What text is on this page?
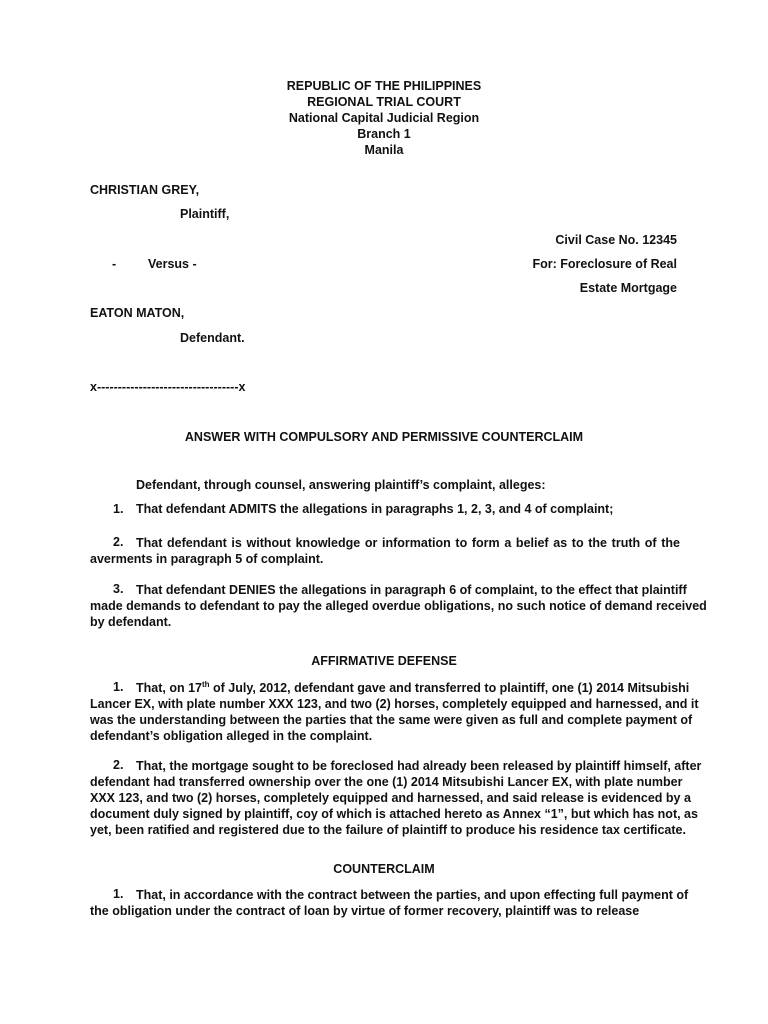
REPUBLIC OF THE PHILIPPINES
REGIONAL TRIAL COURT
National Capital Judicial Region
Branch 1
Manila
CHRISTIAN GREY,
Plaintiff,
Civil Case No. 12345
-	Versus -	For: Foreclosure of Real
Estate Mortgage
EATON MATON,
Defendant.
x----------------------------------x
ANSWER WITH COMPULSORY AND PERMISSIVE COUNTERCLAIM
Defendant, through counsel, answering plaintiff’s complaint, alleges:
1. That defendant ADMITS the allegations in paragraphs 1, 2, 3, and 4 of complaint;
2.	That defendant is without knowledge or information to form a belief as to the truth of the
averments in paragraph 5 of complaint.
3.	That defendant DENIES the allegations in paragraph 6 of complaint, to the effect that plaintiff
made demands to defendant to pay the alleged overdue obligations, no such notice of demand received
by defendant.
AFFIRMATIVE DEFENSE
1.	That, on 17th of July, 2012, defendant gave and transferred to plaintiff, one (1) 2014 Mitsubishi
Lancer EX, with plate number XXX 123, and two (2) horses, completely equipped and harnessed, and it
was the understanding between the parties that the same were given as full and complete payment of
defendant’s obligation alleged in the complaint.
2.	That, the mortgage sought to be foreclosed had already been released by plaintiff himself, after
defendant had transferred ownership over the one (1) 2014 Mitsubishi Lancer EX, with plate number
XXX 123, and two (2) horses, completely equipped and harnessed, and said release is evidenced by a
document duly signed by plaintiff, coy of which is attached hereto as Annex “1”, but which has not, as
yet, been ratified and registered due to the failure of plaintiff to produce his residence tax certificate.
COUNTERCLAIM
1.	That, in accordance with the contract between the parties, and upon effecting full payment of
the obligation under the contract of loan by virtue of former recovery, plaintiff was to release
